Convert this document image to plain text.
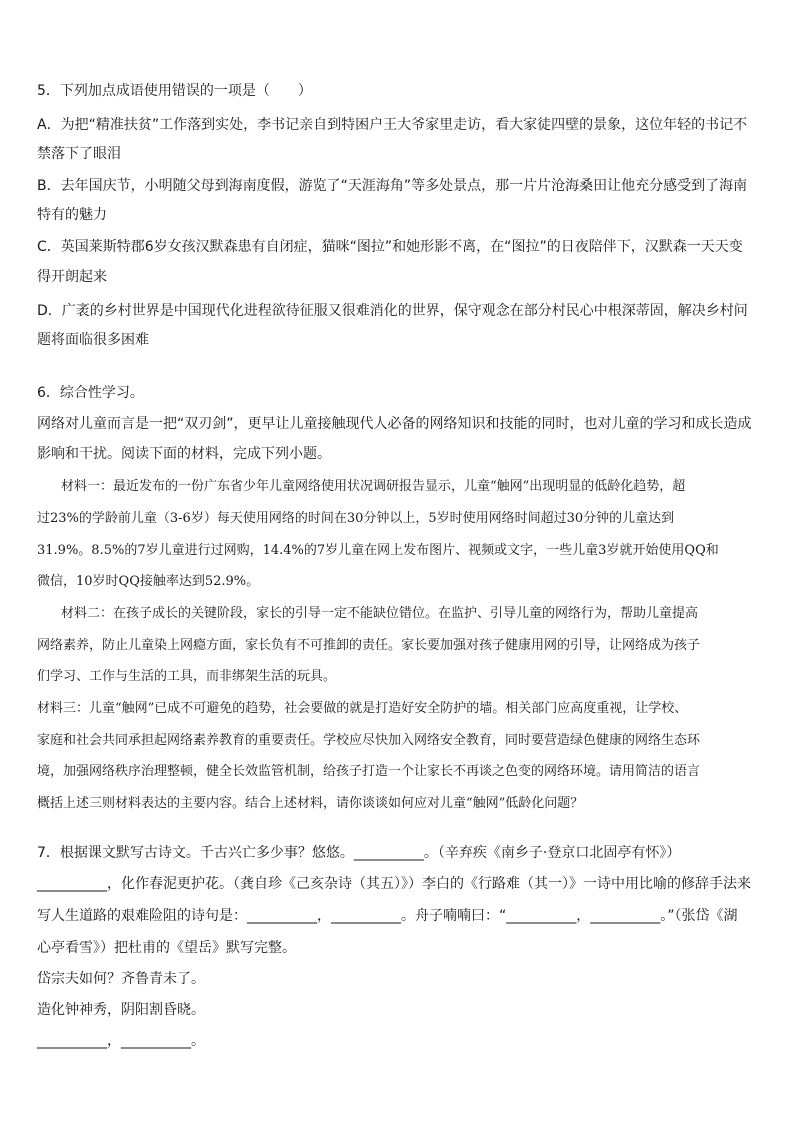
5．下列加点成语使用错误的一项是（　　）
A．为把“精准扶贫”工作落到实处，李书记亲自到特困户王大爷家里走访，看大家徒四壁的景象，这位年轻的书记不
禁落下了眼泪
B．去年国庆节，小明随父母到海南度假，游览了“天涯海角”等多处景点，那一片片沧海桑田让他充分感受到了海南
特有的魅力
C．英国莱斯特郡6岁女孩汉默森患有自闭症，猫咪“图拉”和她形影不离，在“图拉”的日夜陪伴下，汉默森一天天变
得开朗起来
D．广袤的乡村世界是中国现代化进程欲待征服又很难消化的世界，保守观念在部分村民心中根深蒂固，解决乡村问
题将面临很多困难
6．综合性学习。
网络对儿童而言是一把“双刃剑”，更早让儿童接触现代人必备的网络知识和技能的同时，也对儿童的学习和成长造成
影响和干扰。阅读下面的材料，完成下列小题。
材料一：最近发布的一份广东省少年儿童网络使用状况调研报告显示，儿童“触网”出现明显的低龄化趋势，超
过23%的学龄前儿童（3-6岁）每天使用网络的时间在30分钟以上，5岁时使用网络时间超过30分钟的儿童达到
31.9%。8.5%的7岁儿童进行过网购，14.4%的7岁儿童在网上发布图片、视频或文字，一些儿童3岁就开始使用QQ和
微信，10岁时QQ接触率达到52.9%。
材料二：在孩子成长的关键阶段，家长的引导一定不能缺位错位。在监护、引导儿童的网络行为，帮助儿童提高
网络素养，防止儿童染上网瘾方面，家长负有不可推卸的责任。家长要加强对孩子健康用网的引导，让网络成为孩子
们学习、工作与生活的工具，而非绑架生活的玩具。
材料三：儿童“触网”已成不可避免的趋势，社会要做的就是打造好安全防护的墙。相关部门应高度重视，让学校、
家庭和社会共同承担起网络素养教育的重要责任。学校应尽快加入网络安全教育，同时要营造绿色健康的网络生态环
境，加强网络秩序治理整顿，健全长效监管机制，给孩子打造一个让家长不再谈之色变的网络环境。请用简洁的语言
概括上述三则材料表达的主要内容。结合上述材料，请你谈谈如何应对儿童“触网”低龄化问题？
7．根据课文默写古诗文。千古兴亡多少事？悠悠。__________。（辛弃疾《南乡子·登京口北固亭有怀》）
__________，化作春泥更护花。（龚自珍《己亥杂诗（其五）》）李白的《行路难（其一）》一诗中用比喻的修辞手法来
写人生道路的艰难险阻的诗句是：__________，__________。舟子喃喃曰：“__________，__________。”（张岱《湖
心亭看雪》）把杜甫的《望岳》默写完整。
岱宗夫如何？齐鲁青未了。
造化钟神秀，阴阳割昏晓。
__________，__________。
